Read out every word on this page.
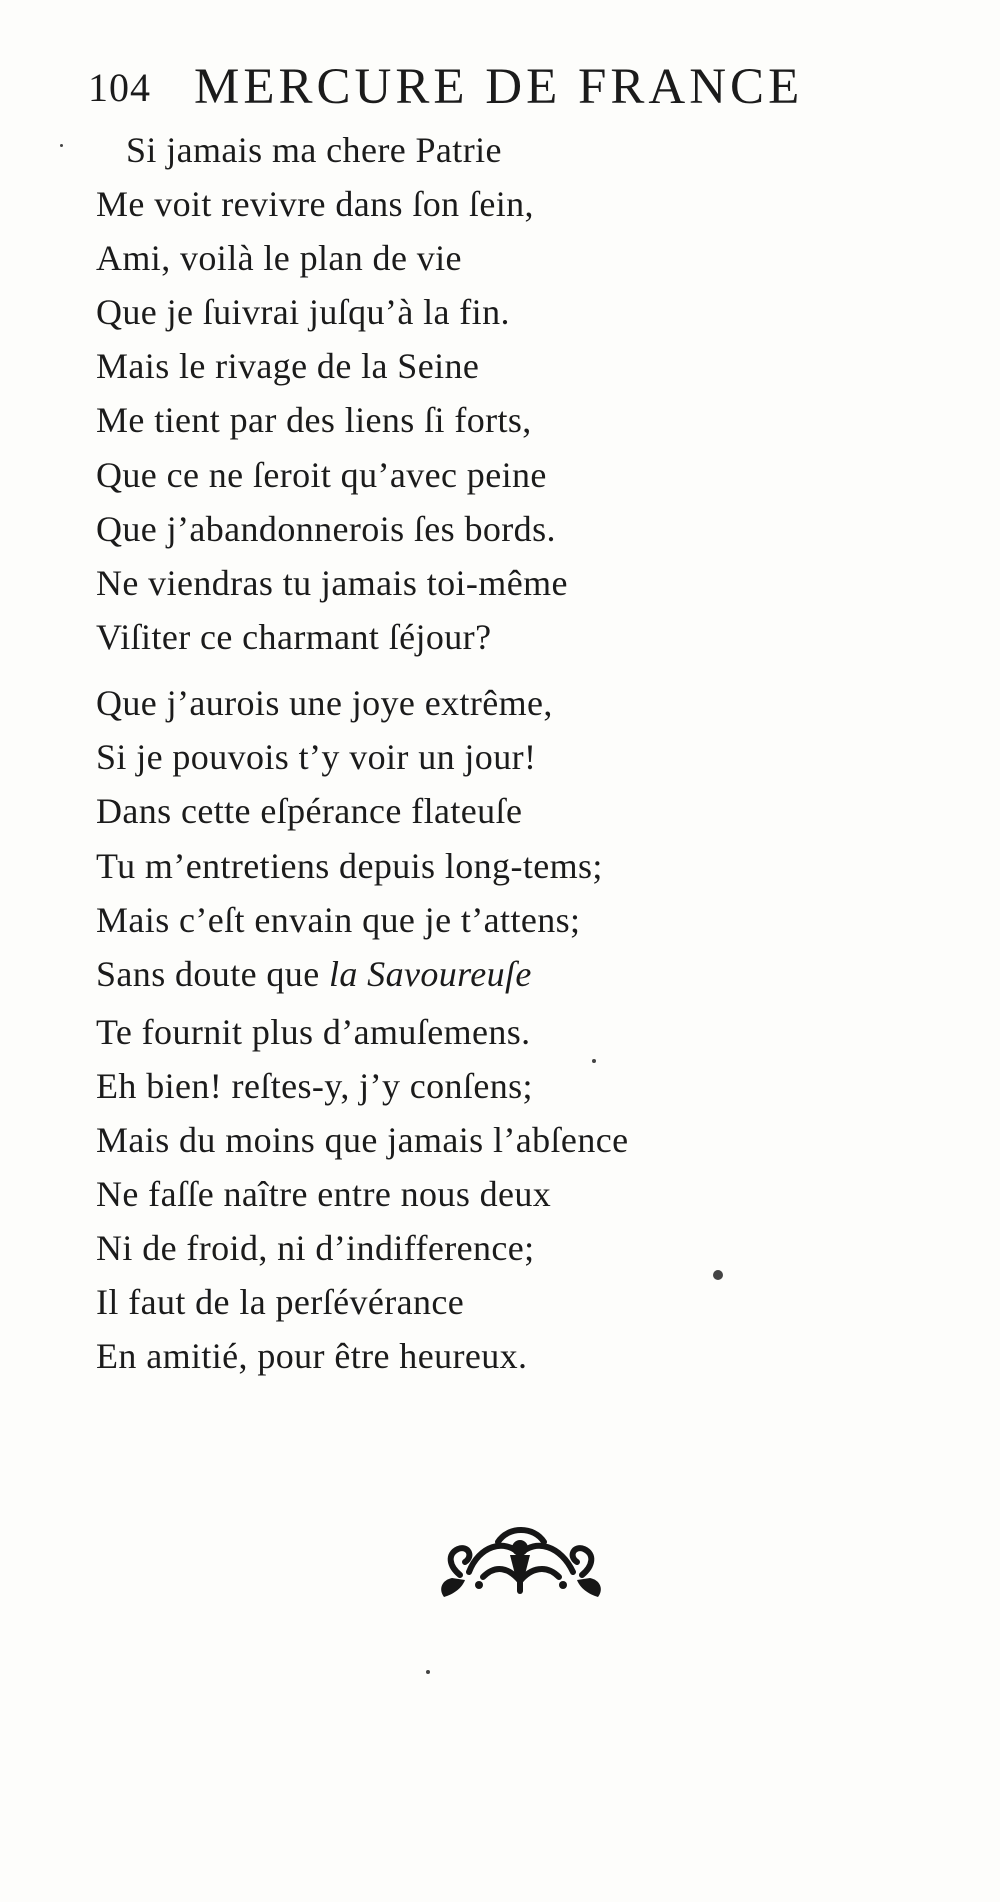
104 MERCURE DE FRANCE
Si jamais ma chere Patrie
Me voit revivre dans ſon ſein,
Ami, voilà le plan de vie
Que je ſuivrai juſqu’à la fin.
Mais le rivage de la Seine
Me tient par des liens ſi forts,
Que ce ne ſeroit qu’avec peine
Que j’abandonnerois ſes bords.
Ne viendras tu jamais toi-même
Viſiter ce charmant ſéjour?
Que j’aurois une joye extrême,
Si je pouvois t’y voir un jour!
Dans cette eſpérance flateuſe
Tu m’entretiens depuis long-tems;
Mais c’eſt envain que je t’attens;
Sans doute que la Savoureuſe
Te fournit plus d’amuſemens.
Eh bien! reſtes-y, j’y conſens;
Mais du moins que jamais l’abſence
Ne faſſe naître entre nous deux
Ni de froid, ni d’indifference;
Il faut de la perſévérance
En amitié, pour être heureux.
